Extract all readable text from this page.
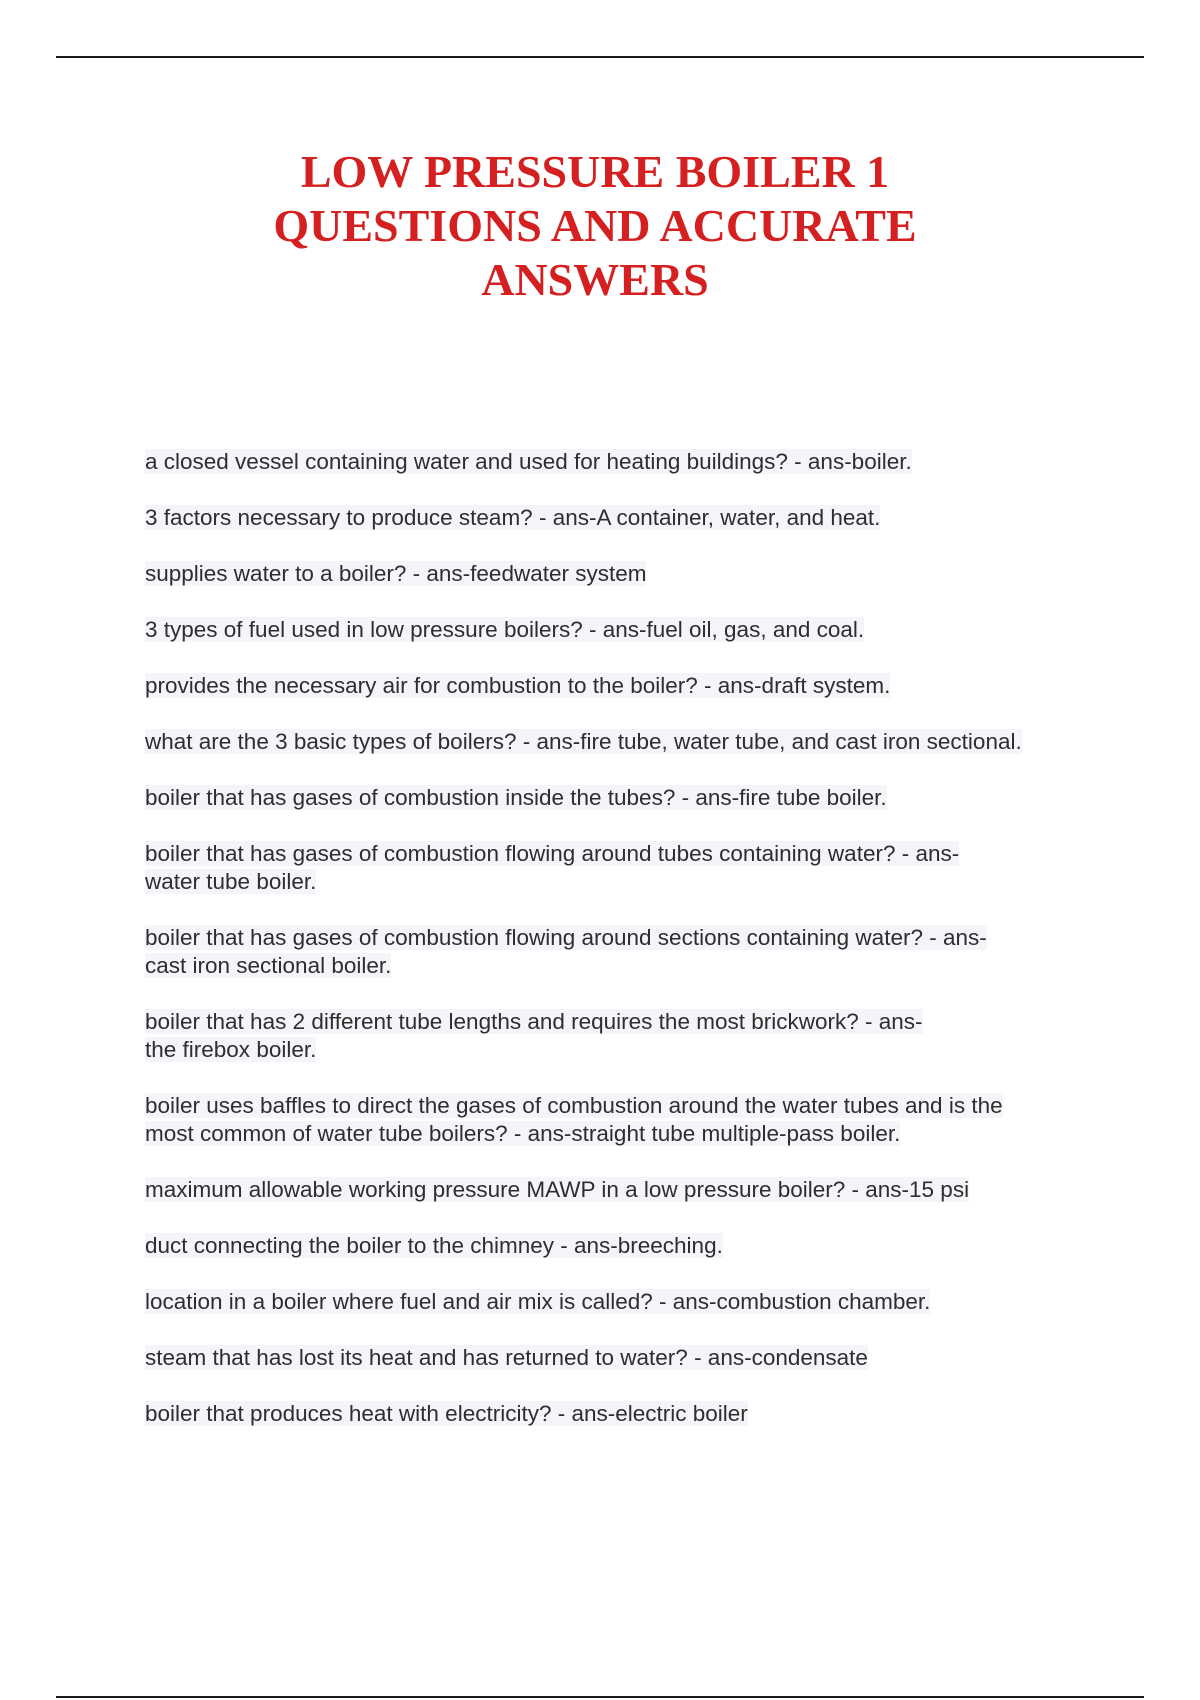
LOW PRESSURE BOILER 1
QUESTIONS AND ACCURATE
ANSWERS
a closed vessel containing water and used for heating buildings? - ans-boiler.
3 factors necessary to produce steam? - ans-A container, water, and heat.
supplies water to a boiler? - ans-feedwater system
3 types of fuel used in low pressure boilers? - ans-fuel oil, gas, and coal.
provides the necessary air for combustion to the boiler? - ans-draft system.
what are the 3 basic types of boilers? - ans-fire tube, water tube, and cast iron sectional.
boiler that has gases of combustion inside the tubes? - ans-fire tube boiler.
boiler that has gases of combustion flowing around tubes containing water? - ans-
water tube boiler.
boiler that has gases of combustion flowing around sections containing water? - ans-
cast iron sectional boiler.
boiler that has 2 different tube lengths and requires the most brickwork? - ans-
the firebox boiler.
boiler uses baffles to direct the gases of combustion around the water tubes and is the
most common of water tube boilers? - ans-straight tube multiple-pass boiler.
maximum allowable working pressure MAWP in a low pressure boiler? - ans-15 psi
duct connecting the boiler to the chimney - ans-breeching.
location in a boiler where fuel and air mix is called? - ans-combustion chamber.
steam that has lost its heat and has returned to water? - ans-condensate
boiler that produces heat with electricity? - ans-electric boiler
